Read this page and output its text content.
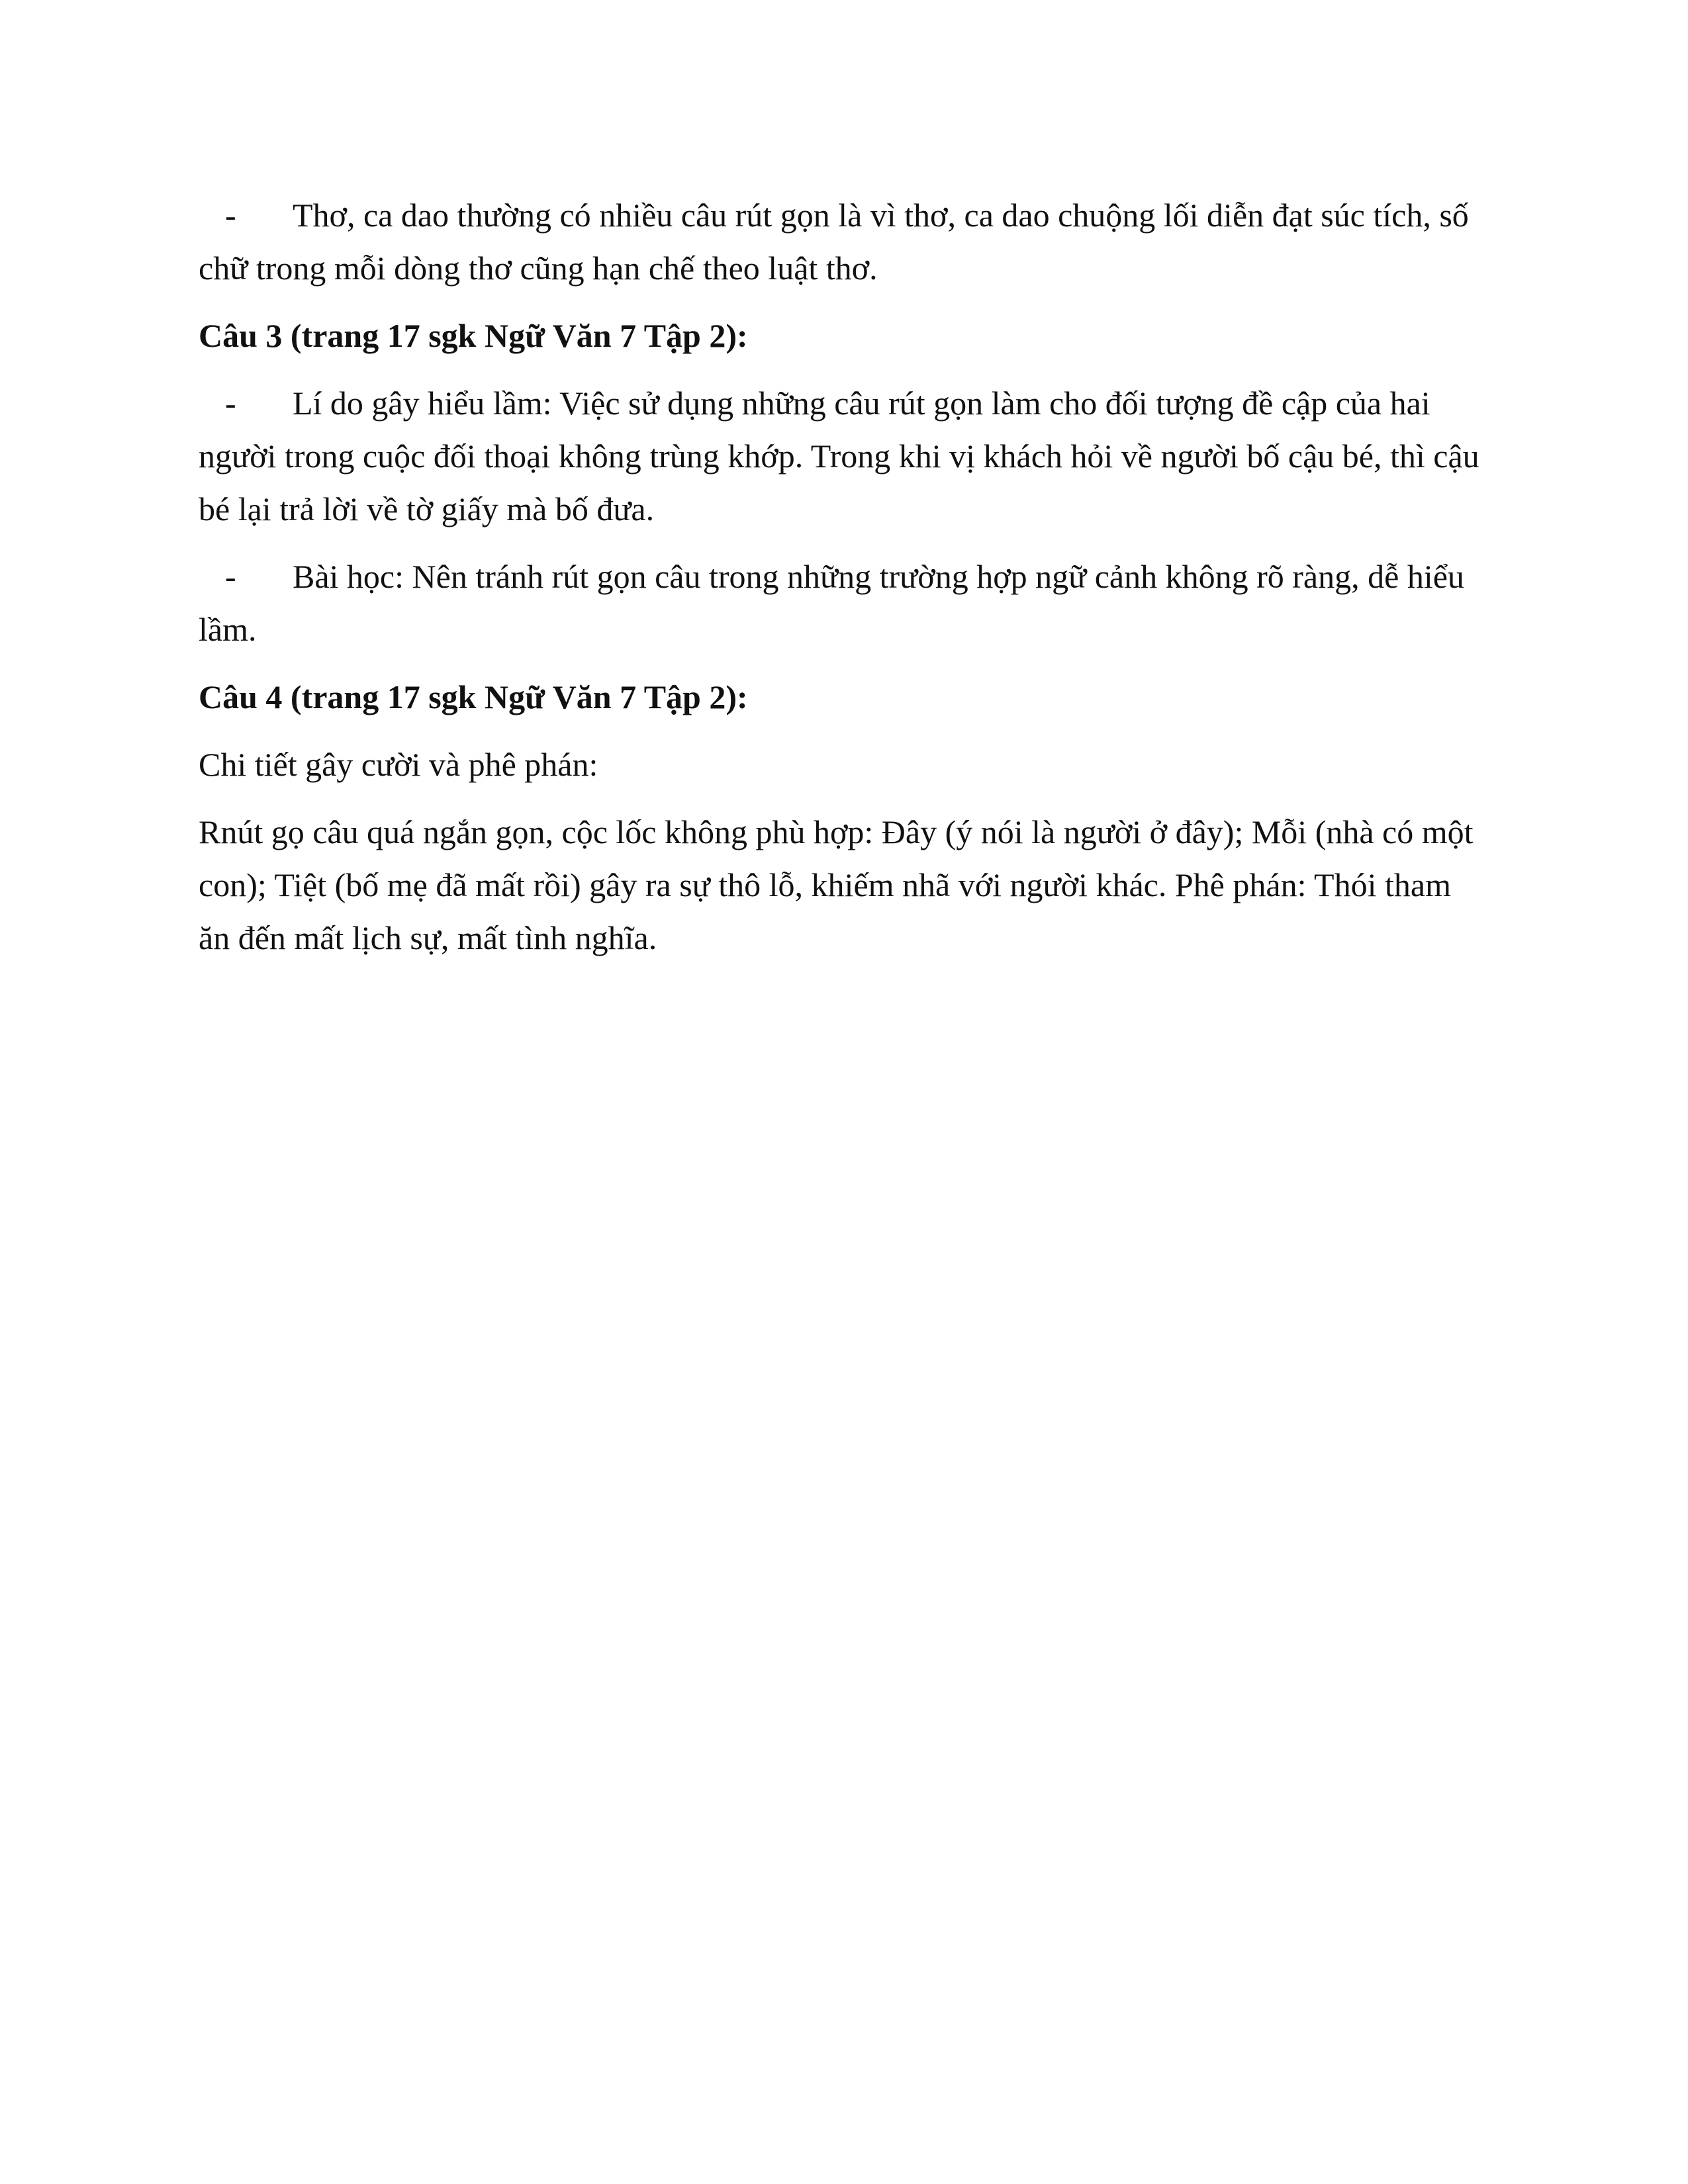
-	Thơ, ca dao thường có nhiều câu rút gọn là vì thơ, ca dao chuộng lối diễn đạt súc tích, số chữ trong mỗi dòng thơ cũng hạn chế theo luật thơ.
Câu 3 (trang 17 sgk Ngữ Văn 7 Tập 2):
-	Lí do gây hiểu lầm: Việc sử dụng những câu rút gọn làm cho đối tượng đề cập của hai người trong cuộc đối thoại không trùng khớp. Trong khi vị khách hỏi về người bố cậu bé, thì cậu bé lại trả lời về tờ giấy mà bố đưa.
-	Bài học: Nên tránh rút gọn câu trong những trường hợp ngữ cảnh không rõ ràng, dễ hiểu lầm.
Câu 4 (trang 17 sgk Ngữ Văn 7 Tập 2):
Chi tiết gây cười và phê phán:
Rnút gọ câu quá ngắn gọn, cộc lốc không phù hợp: Đây (ý nói là người ở đây); Mỗi (nhà có một con); Tiệt (bố mẹ đã mất rồi) gây ra sự thô lỗ, khiếm nhã với người khác. Phê phán: Thói tham ăn đến mất lịch sự, mất tình nghĩa.
